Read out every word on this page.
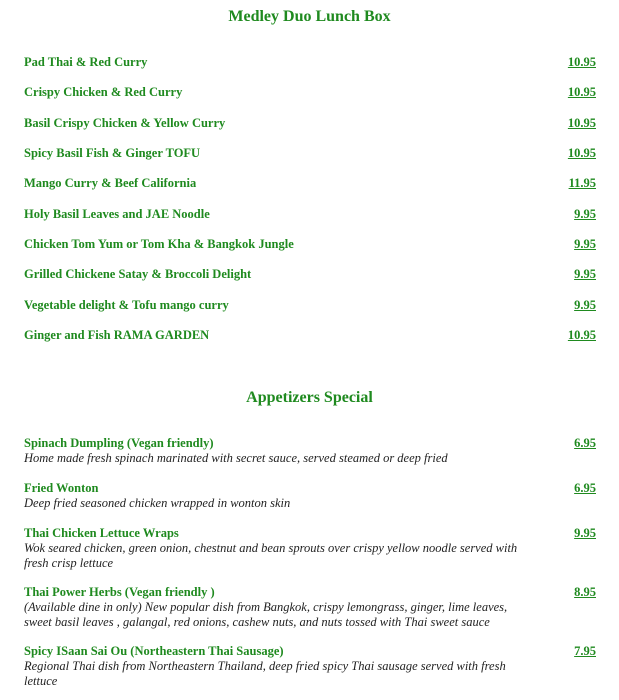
Medley Duo Lunch Box
Pad Thai & Red Curry	10.95
Crispy Chicken & Red Curry	10.95
Basil Crispy Chicken & Yellow Curry	10.95
Spicy Basil Fish & Ginger TOFU	10.95
Mango Curry & Beef California	11.95
Holy Basil Leaves and JAE Noodle	9.95
Chicken Tom Yum or Tom Kha & Bangkok Jungle	9.95
Grilled Chickene Satay & Broccoli Delight	9.95
Vegetable delight & Tofu mango curry	9.95
Ginger and Fish RAMA GARDEN	10.95
Appetizers Special
Spinach Dumpling (Vegan friendly)	6.95
Home made fresh spinach marinated with secret sauce, served steamed or deep fried
Fried Wonton	6.95
Deep fried seasoned chicken wrapped in wonton skin
Thai Chicken Lettuce Wraps	9.95
Wok seared chicken, green onion, chestnut and bean sprouts over crispy yellow noodle served with fresh crisp lettuce
Thai Power Herbs (Vegan friendly )	8.95
(Available dine in only) New popular dish from Bangkok, crispy lemongrass, ginger, lime leaves, sweet basil leaves , galangal, red onions, cashew nuts, and nuts tossed with Thai sweet sauce
Spicy ISaan Sai Ou (Northeastern Thai Sausage)	7.95
Regional Thai dish from Northeastern Thailand, deep fried spicy Thai sausage served with fresh lettuce
